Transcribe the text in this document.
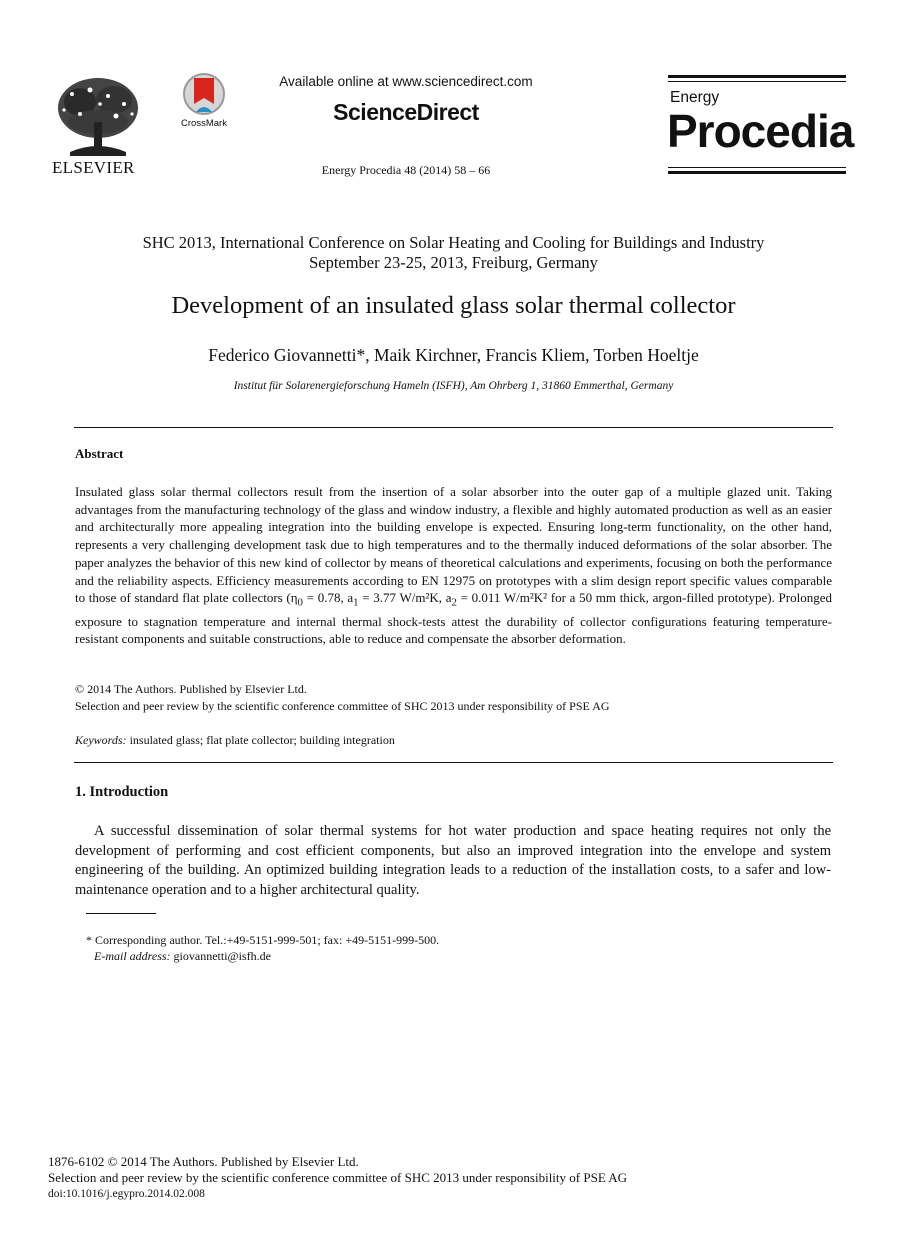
ELSEVIER
CrossMark
Available online at www.sciencedirect.com
ScienceDirect
Energy Procedia 48 (2014) 58 – 66
Energy
Procedia
SHC 2013, International Conference on Solar Heating and Cooling for Buildings and Industry
September 23-25, 2013, Freiburg, Germany
Development of an insulated glass solar thermal collector
Federico Giovannetti*, Maik Kirchner, Francis Kliem, Torben Hoeltje
Institut für Solarenergieforschung Hameln (ISFH), Am Ohrberg 1, 31860 Emmerthal, Germany
Abstract

Insulated glass solar thermal collectors result from the insertion of a solar absorber into the outer gap of a multiple glazed unit. Taking advantages from the manufacturing technology of the glass and window industry, a flexible and highly automated production as well as an easier and architecturally more appealing integration into the building envelope is expected. Ensuring long-term functionality, on the other hand, represents a very challenging development task due to high temperatures and to the thermally induced deformations of the solar absorber. The paper analyzes the behavior of this new kind of collector by means of theoretical calculations and experiments, focusing on both the performance and the reliability aspects. Efficiency measurements according to EN 12975 on prototypes with a slim design report specific values comparable to those of standard flat plate collectors ($\eta_0 = 0.78$, $a_1 = 3.77$ W/m²K, $a_2 = 0.011$ W/m²K² for a 50 mm thick, argon-filled prototype). Prolonged exposure to stagnation temperature and internal thermal shock-tests attest the durability of collector configurations featuring temperature-resistant components and suitable constructions, able to reduce and compensate the absorber deformation.

© 2014 The Authors. Published by Elsevier Ltd.
Selection and peer review by the scientific conference committee of SHC 2013 under responsibility of PSE AG
Keywords: insulated glass; flat plate collector; building integration
1. Introduction

A successful dissemination of solar thermal systems for hot water production and space heating requires not only the development of performing and cost efficient components, but also an improved integration into the envelope and system engineering of the building. An optimized building integration leads to a reduction of the installation costs, to a safer and low-maintenance operation and to a higher architectural quality.

* Corresponding author. Tel.:+49-5151-999-501; fax: +49-5151-999-500.
E-mail address: giovannetti@isfh.de
1876-6102 © 2014 The Authors. Published by Elsevier Ltd.
Selection and peer review by the scientific conference committee of SHC 2013 under responsibility of PSE AG
doi:10.1016/j.egypro.2014.02.008
